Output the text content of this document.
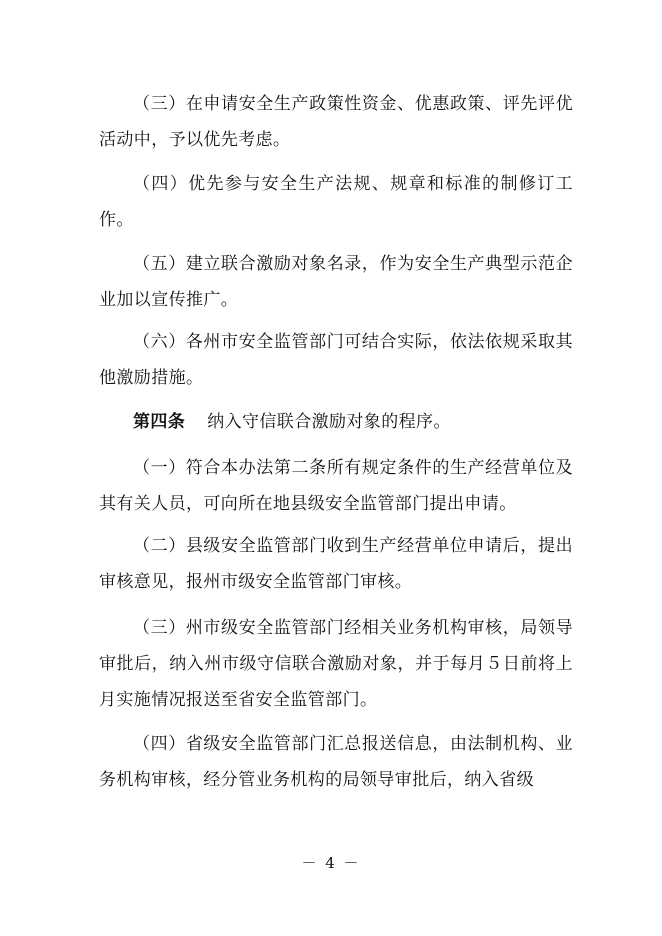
（三）在申请安全生产政策性资金、优惠政策、评先评优活动中，予以优先考虑。

（四）优先参与安全生产法规、规章和标准的制修订工作。

（五）建立联合激励对象名录，作为安全生产典型示范企业加以宣传推广。

（六）各州市安全监管部门可结合实际，依法依规采取其他激励措施。

第四条 纳入守信联合激励对象的程序。

（一）符合本办法第二条所有规定条件的生产经营单位及其有关人员，可向所在地县级安全监管部门提出申请。

（二）县级安全监管部门收到生产经营单位申请后，提出审核意见，报州市级安全监管部门审核。

（三）州市级安全监管部门经相关业务机构审核，局领导审批后，纳入州市级守信联合激励对象，并于每月５日前将上月实施情况报送至省安全监管部门。

（四）省级安全监管部门汇总报送信息，由法制机构、业务机构审核，经分管业务机构的局领导审批后，纳入省级

－ 4 －
